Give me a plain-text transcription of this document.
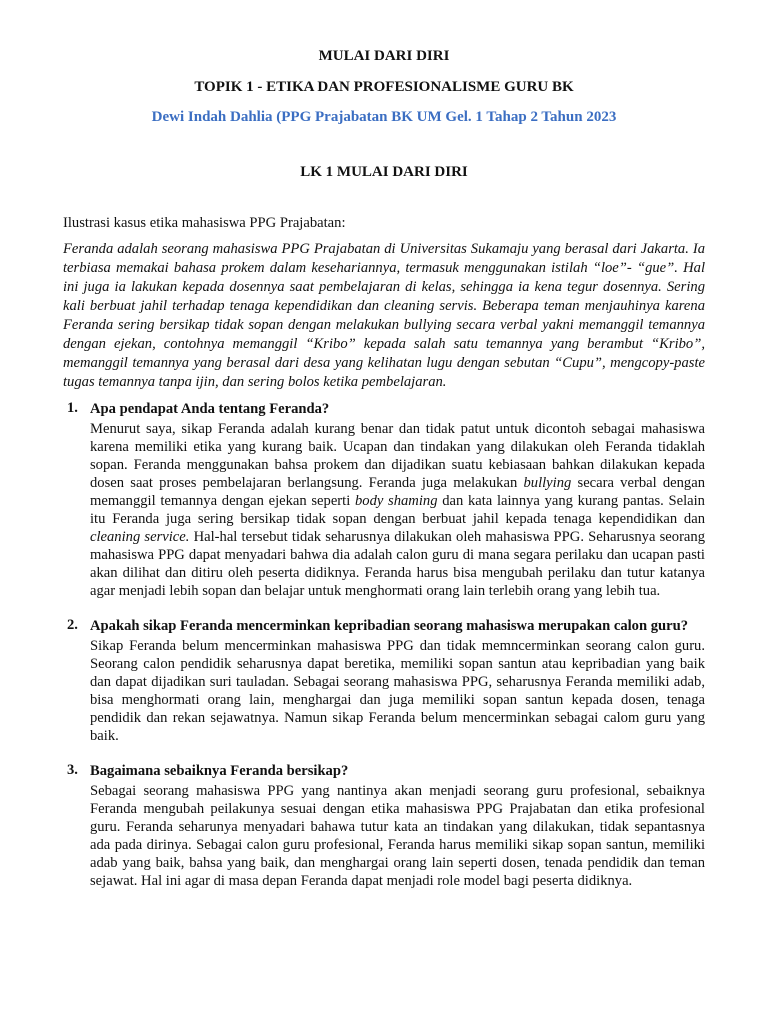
MULAI DARI DIRI
TOPIK 1 - ETIKA DAN PROFESIONALISME GURU BK
Dewi Indah Dahlia (PPG Prajabatan BK UM Gel. 1 Tahap 2 Tahun 2023
LK 1 MULAI DARI DIRI
Ilustrasi kasus etika mahasiswa PPG Prajabatan:
Feranda adalah seorang mahasiswa PPG Prajabatan di Universitas Sukamaju yang berasal dari Jakarta. Ia terbiasa memakai bahasa prokem dalam kesehariannya, termasuk menggunakan istilah “loe”- “gue”. Hal ini juga ia lakukan kepada dosennya saat pembelajaran di kelas, sehingga ia kena tegur dosennya. Sering kali berbuat jahil terhadap tenaga kependidikan dan cleaning servis. Beberapa teman menjauhinya karena Feranda sering bersikap tidak sopan dengan melakukan bullying secara verbal yakni memanggil temannya dengan ejekan, contohnya memanggil “Kribo” kepada salah satu temannya yang berambut “Kribo”, memanggil temannya yang berasal dari desa yang kelihatan lugu dengan sebutan “Cupu”, mengcopy-paste tugas temannya tanpa ijin, dan sering bolos ketika pembelajaran.
1. Apa pendapat Anda tentang Feranda?
Menurut saya, sikap Feranda adalah kurang benar dan tidak patut untuk dicontoh sebagai mahasiswa karena memiliki etika yang kurang baik. Ucapan dan tindakan yang dilakukan oleh Feranda tidaklah sopan. Feranda menggunakan bahsa prokem dan dijadikan suatu kebiasaan bahkan dilakukan kepada dosen saat proses pembelajaran berlangsung. Feranda juga melakukan bullying secara verbal dengan memanggil temannya dengan ejekan seperti body shaming dan kata lainnya yang kurang pantas. Selain itu Feranda juga sering bersikap tidak sopan dengan berbuat jahil kepada tenaga kependidikan dan cleaning service. Hal-hal tersebut tidak seharusnya dilakukan oleh mahasiswa PPG. Seharusnya seorang mahasiswa PPG dapat menyadari bahwa dia adalah calon guru di mana segara perilaku dan ucapan pasti akan dilihat dan ditiru oleh peserta didiknya. Feranda harus bisa mengubah perilaku dan tutur katanya agar menjadi lebih sopan dan belajar untuk menghormati orang lain terlebih orang yang lebih tua.
2. Apakah sikap Feranda mencerminkan kepribadian seorang mahasiswa merupakan calon guru?
Sikap Feranda belum mencerminkan mahasiswa PPG dan tidak memncerminkan seorang calon guru. Seorang calon pendidik seharusnya dapat beretika, memiliki sopan santun atau kepribadian yang baik dan dapat dijadikan suri tauladan. Sebagai seorang mahasiswa PPG, seharusnya Feranda memiliki adab, bisa menghormati orang lain, menghargai dan juga memiliki sopan santun kepada dosen, tenaga pendidik dan rekan sejawatnya. Namun sikap Feranda belum mencerminkan sebagai calom guru yang baik.
3. Bagaimana sebaiknya Feranda bersikap?
Sebagai seorang mahasiswa PPG yang nantinya akan menjadi seorang guru profesional, sebaiknya Feranda mengubah peilakunya sesuai dengan etika mahasiswa PPG Prajabatan dan etika profesional guru. Feranda seharunya menyadari bahawa tutur kata an tindakan yang dilakukan, tidak sepantasnya ada pada dirinya. Sebagai calon guru profesional, Feranda harus memiliki sikap sopan santun, memiliki adab yang baik, bahsa yang baik, dan menghargai orang lain seperti dosen, tenada pendidik dan teman sejawat. Hal ini agar di masa depan Feranda dapat menjadi role model bagi peserta didiknya.
